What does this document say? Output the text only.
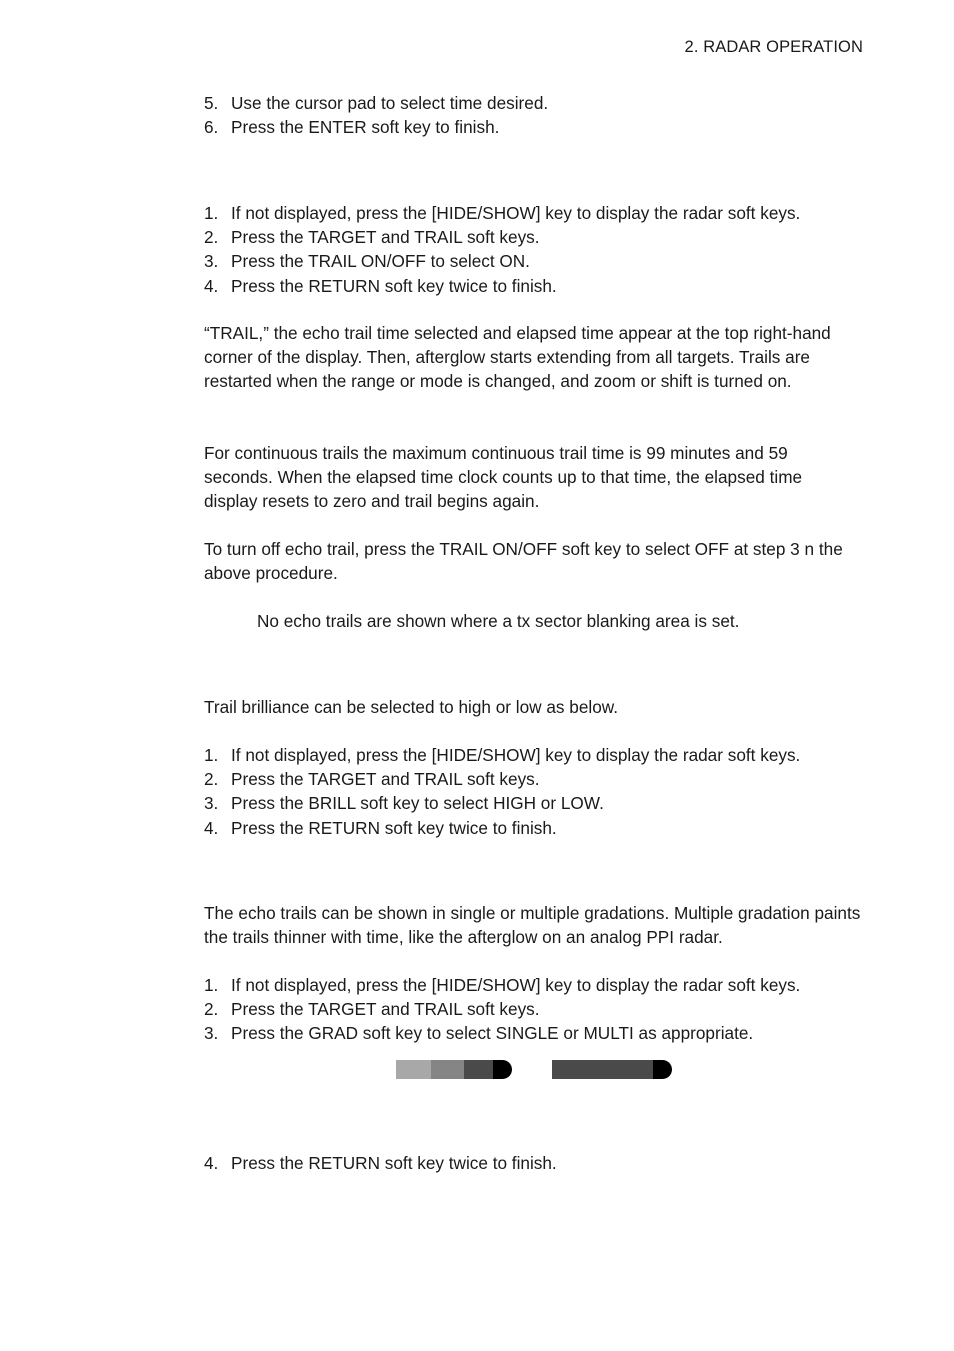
2. RADAR OPERATION
5. Use the cursor pad to select time desired.
6. Press the ENTER soft key to finish.
1. If not displayed, press the [HIDE/SHOW] key to display the radar soft keys.
2. Press the TARGET and TRAIL soft keys.
3. Press the TRAIL ON/OFF to select ON.
4. Press the RETURN soft key twice to finish.

“TRAIL,” the echo trail time selected and elapsed time appear at the top right-hand corner of the display. Then, afterglow starts extending from all targets. Trails are restarted when the range or mode is changed, and zoom or shift is turned on.

For continuous trails the maximum continuous trail time is 99 minutes and 59 seconds. When the elapsed time clock counts up to that time, the elapsed time display resets to zero and trail begins again.

To turn off echo trail, press the TRAIL ON/OFF soft key to select OFF at step 3 n the above procedure.

No echo trails are shown where a tx sector blanking area is set.

Trail brilliance can be selected to high or low as below.

1. If not displayed, press the [HIDE/SHOW] key to display the radar soft keys.
2. Press the TARGET and TRAIL soft keys.
3. Press the BRILL soft key to select HIGH or LOW.
4. Press the RETURN soft key twice to finish.

The echo trails can be shown in single or multiple gradations. Multiple gradation paints the trails thinner with time, like the afterglow on an analog PPI radar.

1. If not displayed, press the [HIDE/SHOW] key to display the radar soft keys.
2. Press the TARGET and TRAIL soft keys.
3. Press the GRAD soft key to select SINGLE or MULTI as appropriate.
4. Press the RETURN soft key twice to finish.
